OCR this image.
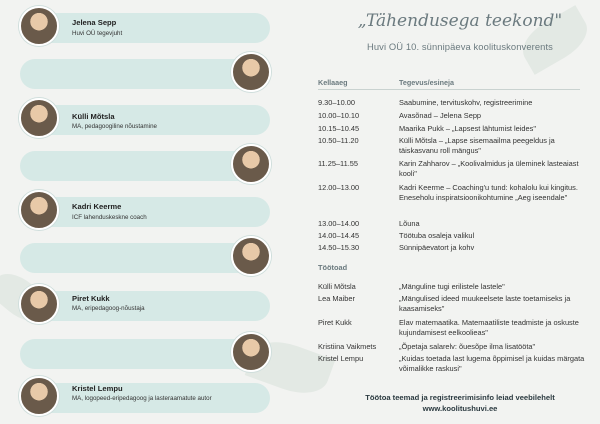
Jelena Sepp
Huvi OÜ tegevjuht
Külli Mõtsla
MA, pedagoogiline nõustamine
Kadri Keerme
ICF lahenduskeskne coach
Piret Kukk
MA, eripedagoog-nõustaja
Kristel Lempu
MA, logopeed-eripedagoog ja lasteraamatute autor
„Tähendusega teekond"
Huvi OÜ 10. sünnipäeva koolituskonverents
Kellaaeg	Tegevus/esineja
9.30–10.00	Saabumine, tervituskohv, registreerimine
10.00–10.10	Avasõnad – Jelena Sepp
10.15–10.45	Maarika Pukk – „Lapsest lähtumist leides"
10.50–11.20	Külli Mõtsla – „Lapse sisemaailma peegeldus ja täiskasvanu roll mängus"
11.25–11.55	Karin Zahharov – „Koolivalmidus ja üleminek lasteaiast kooli"
12.00–13.00	Kadri Keerme – Coaching'u tund: kohalolu kui kingitus. Eneseholu inspiratsioonikohtumine „Aeg iseendale"
13.00–14.00	Lõuna
14.00–14.45	Töötuba osaleja valikul
14.50–15.30	Sünnipäevatort ja kohv
Töötoad
Külli Mõtsla	„Mänguline tugi erilistele lastele"
Lea Maiber	„Mängulised ideed muukeelsete laste toetamiseks ja kaasamiseks"
Piret Kukk	Elav matemaatika. Matemaatiliste teadmiste ja oskuste kujundamisest eelkoolieas"
Kristiina Vaikmets	„Õpetaja salarelv: õuesõpe ilma lisatööta"
Kristel Lempu	„Kuidas toetada last lugema õppimisel ja kuidas märgata võimalikke raskusi"
Töötoa teemad ja registreerimisinfo leiad veebilehelt
www.koolitushuvi.ee
